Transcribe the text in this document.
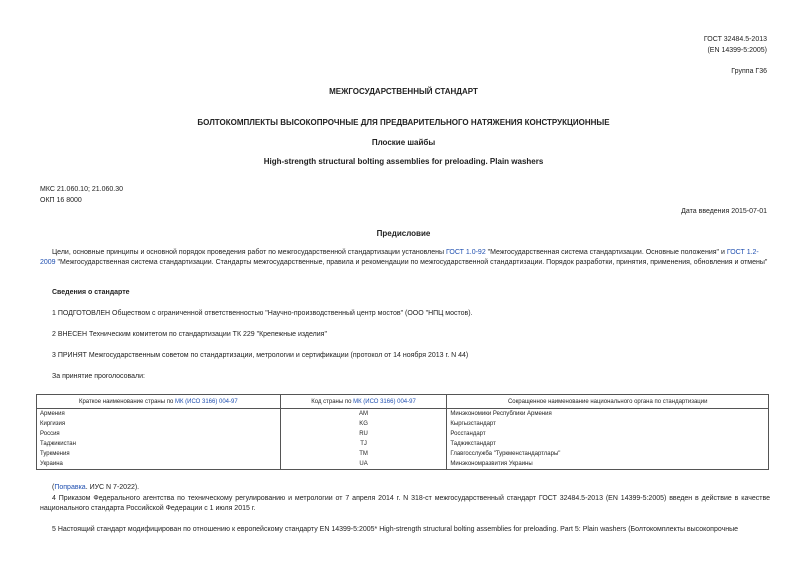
ГОСТ 32484.5-2013
(EN 14399-5:2005)
Группа Г36
МЕЖГОСУДАРСТВЕННЫЙ СТАНДАРТ
БОЛТОКОМПЛЕКТЫ ВЫСОКОПРОЧНЫЕ ДЛЯ ПРЕДВАРИТЕЛЬНОГО НАТЯЖЕНИЯ КОНСТРУКЦИОННЫЕ
Плоские шайбы
High-strength structural bolting assemblies for preloading. Plain washers
МКС 21.060.10; 21.060.30
ОКП 16 8000
Дата введения 2015-07-01
Предисловие
Цели, основные принципы и основной порядок проведения работ по межгосударственной стандартизации установлены ГОСТ 1.0-92 "Межгосударственная система стандартизации. Основные положения" и ГОСТ 1.2-2009 "Межгосударственная система стандартизации. Стандарты межгосударственные, правила и рекомендации по межгосударственной стандартизации. Порядок разработки, принятия, применения, обновления и отмены"
Сведения о стандарте
1 ПОДГОТОВЛЕН Обществом с ограниченной ответственностью "Научно-производственный центр мостов" (ООО "НПЦ мостов).
2 ВНЕСЕН Техническим комитетом по стандартизации ТК 229 "Крепежные изделия"
3 ПРИНЯТ Межгосударственным советом по стандартизации, метрологии и сертификации (протокол от 14 ноября 2013 г. N 44)
За принятие проголосовали:
Краткое наименование страны по МК (ИСО 3166) 004-97	Код страны по МК (ИСО 3166) 004-97	Сокращенное наименование национального органа по стандартизации
Армения	AM	Минэкономики Республики Армения
Киргизия	KG	Кыргызстандарт
Россия	RU	Росстандарт
Таджикистан	TJ	Таджикстандарт
Туркмения	TM	Главгосслужба "Туркменстандартлары"
Украина	UA	Минэкономразвития Украины
(Поправка. ИУС N 7-2022).
4 Приказом Федерального агентства по техническому регулированию и метрологии от 7 апреля 2014 г. N 318-ст межгосударственный стандарт ГОСТ 32484.5-2013 (EN 14399-5:2005) введен в действие в качестве национального стандарта Российской Федерации с 1 июля 2015 г.
5 Настоящий стандарт модифицирован по отношению к европейскому стандарту EN 14399-5:2005* High-strength structural bolting assemblies for preloading. Part 5: Plain washers (Болтокомплекты высокопрочные
